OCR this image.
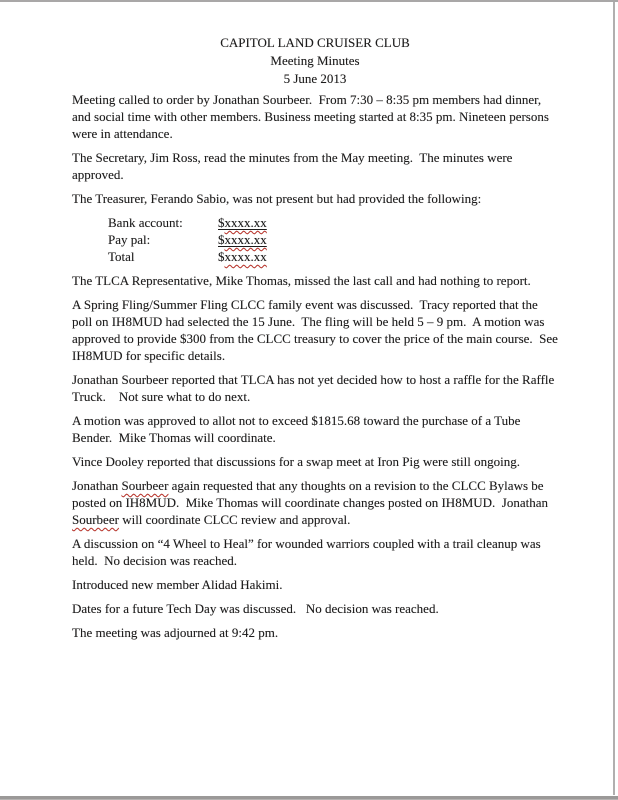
CAPITOL LAND CRUISER CLUB
Meeting Minutes
5 June 2013

Meeting called to order by Jonathan Sourbeer.  From 7:30 – 8:35 pm members had dinner, and social time with other members. Business meeting started at 8:35 pm. Nineteen persons were in attendance.

The Secretary, Jim Ross, read the minutes from the May meeting.  The minutes were approved.

The Treasurer, Ferando Sabio, was not present but had provided the following:

Bank account:	$xxxx.xx
Pay pal:	$xxxx.xx
Total	$xxxx.xx

The TLCA Representative, Mike Thomas, missed the last call and had nothing to report.

A Spring Fling/Summer Fling CLCC family event was discussed.  Tracy reported that the poll on IH8MUD had selected the 15 June.  The fling will be held 5 – 9 pm.  A motion was approved to provide $300 from the CLCC treasury to cover the price of the main course.  See IH8MUD for specific details.

Jonathan Sourbeer reported that TLCA has not yet decided how to host a raffle for the Raffle Truck.    Not sure what to do next.

A motion was approved to allot not to exceed $1815.68 toward the purchase of a Tube Bender.  Mike Thomas will coordinate.

Vince Dooley reported that discussions for a swap meet at Iron Pig were still ongoing.

Jonathan Sourbeer again requested that any thoughts on a revision to the CLCC Bylaws be posted on IH8MUD.  Mike Thomas will coordinate changes posted on IH8MUD.  Jonathan Sourbeer will coordinate CLCC review and approval.

A discussion on “4 Wheel to Heal” for wounded warriors coupled with a trail cleanup was held.  No decision was reached.

Introduced new member Alidad Hakimi.

Dates for a future Tech Day was discussed.   No decision was reached.

The meeting was adjourned at 9:42 pm.
